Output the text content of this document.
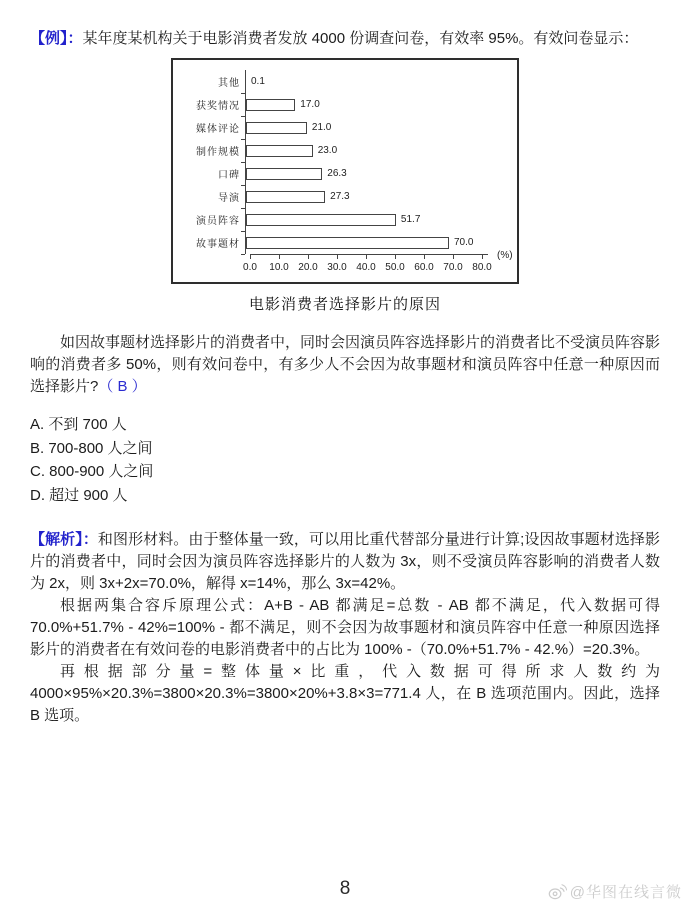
【例】：某年度某机构关于电影消费者发放 4000 份调查问卷，有效率 95%。有效问卷显示：

其他	0.1
获奖情况	17.0
媒体评论	21.0
制作规模	23.0
口碑	26.3
导演	27.3
演员阵容	51.7
故事题材	70.0
(%)
0.0 10.0 20.0 30.0 40.0 50.0 60.0 70.0 80.0
电影消费者选择影片的原因

如因故事题材选择影片的消费者中，同时会因演员阵容选择影片的消费者比不受演员阵容影响的消费者多 50%，则有效问卷中，有多少人不会因为故事题材和演员阵容中任意一种原因而选择影片?（ B ）

A. 不到 700 人
B. 700-800 人之间
C. 800-900 人之间
D. 超过 900 人

【解析】：和图形材料。由于整体量一致，可以用比重代替部分量进行计算;设因故事题材选择影片的消费者中，同时会因为演员阵容选择影片的人数为 3x，则不受演员阵容影响的消费者人数为 2x，则 3x+2x=70.0%，解得 x=14%，那么 3x=42%。

根据两集合容斥原理公式：A+B - AB 都满足=总数 - AB 都不满足，代入数据可得 70.0%+51.7% - 42%=100% - 都不满足，则不会因为故事题材和演员阵容中任意一种原因选择影片的消费者在有效问卷的电影消费者中的占比为 100% -（70.0%+51.7% - 42.%）=20.3%。

再根据部分量=整体量×比重，代入数据可得所求人数约为 4000×95%×20.3%=3800×20.3%=3800×20%+3.8×3=771.4 人，在 B 选项范围内。因此，选择 B 选项。

8	@华图在线言微
